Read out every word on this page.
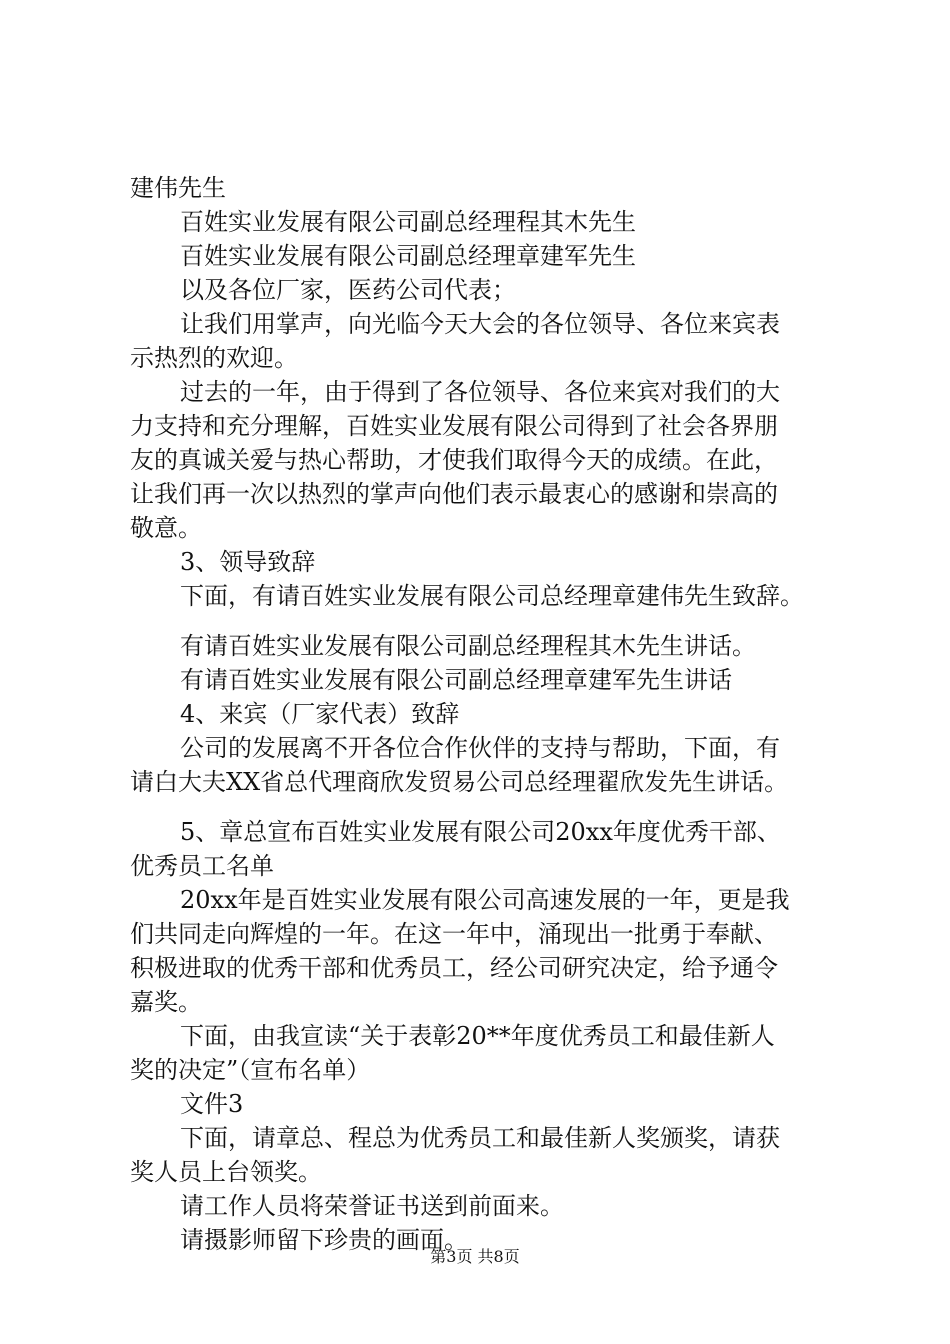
建伟先生
百姓实业发展有限公司副总经理程其木先生
百姓实业发展有限公司副总经理章建军先生
以及各位厂家，医药公司代表；
让我们用掌声，向光临今天大会的各位领导、各位来宾表
示热烈的欢迎。
过去的一年，由于得到了各位领导、各位来宾对我们的大
力支持和充分理解，百姓实业发展有限公司得到了社会各界朋
友的真诚关爱与热心帮助，才使我们取得今天的成绩。在此，
让我们再一次以热烈的掌声向他们表示最衷心的感谢和崇高的
敬意。
3、领导致辞
下面，有请百姓实业发展有限公司总经理章建伟先生致辞。
有请百姓实业发展有限公司副总经理程其木先生讲话。
有请百姓实业发展有限公司副总经理章建军先生讲话
4、来宾（厂家代表）致辞
公司的发展离不开各位合作伙伴的支持与帮助，下面，有
请白大夫XX省总代理商欣发贸易公司总经理翟欣发先生讲话。
5、章总宣布百姓实业发展有限公司20xx年度优秀干部、
优秀员工名单
20xx年是百姓实业发展有限公司高速发展的一年，更是我
们共同走向辉煌的一年。在这一年中，涌现出一批勇于奉献、
积极进取的优秀干部和优秀员工，经公司研究决定，给予通令
嘉奖。
下面，由我宣读“关于表彰20**年度优秀员工和最佳新人
奖的决定”（宣布名单）
文件3
下面，请章总、程总为优秀员工和最佳新人奖颁奖，请获
奖人员上台领奖。
请工作人员将荣誉证书送到前面来。
请摄影师留下珍贵的画面。
第3页 共8页
